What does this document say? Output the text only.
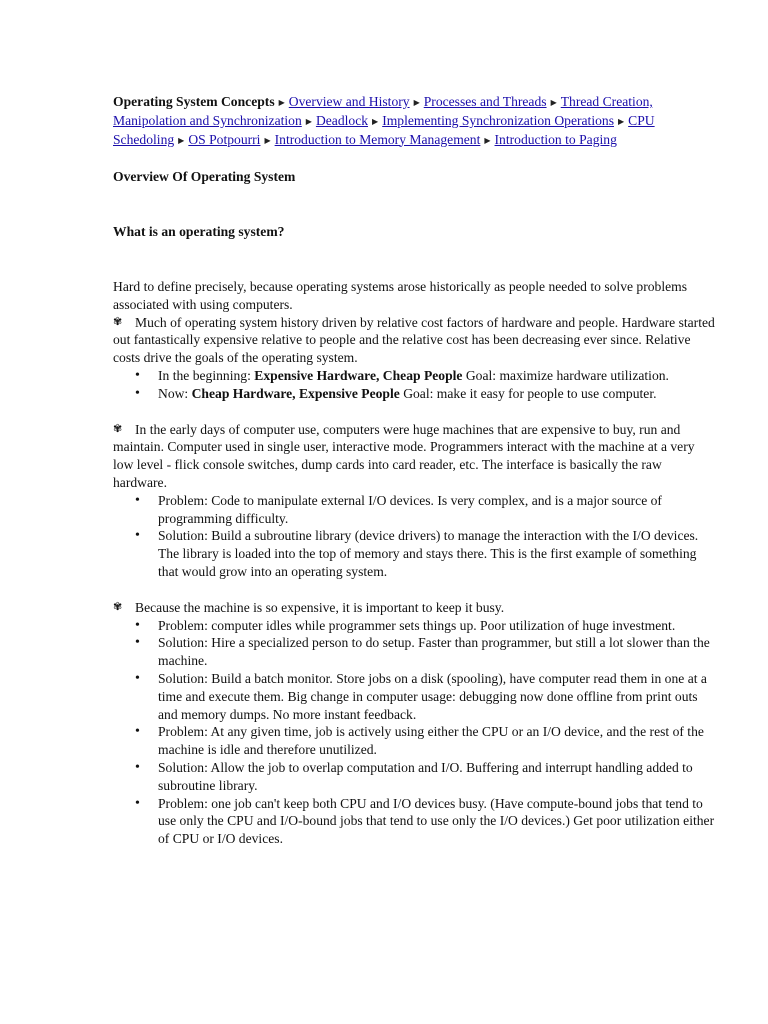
Operating System Concepts ▶ Overview and History ▶ Processes and Threads ▶ Thread Creation, Manipolation and Synchronization ▶ Deadlock ▶ Implementing Synchronization Operations ▶ CPU Schedoling ▶ OS Potpourri ▶ Introduction to Memory Management ▶ Introduction to Paging

Overview Of Operating System
What is an operating system?

Hard to define precisely, because operating systems arose historically as people needed to solve problems associated with using computers.

✾ Much of operating system history driven by relative cost factors of hardware and people. Hardware started out fantastically expensive relative to people and the relative cost has been decreasing ever since. Relative costs drive the goals of the operating system.

• In the beginning: Expensive Hardware, Cheap People Goal: maximize hardware utilization.
• Now: Cheap Hardware, Expensive People Goal: make it easy for people to use computer.

✾ In the early days of computer use, computers were huge machines that are expensive to buy, run and maintain. Computer used in single user, interactive mode. Programmers interact with the machine at a very low level - flick console switches, dump cards into card reader, etc. The interface is basically the raw hardware.

• Problem: Code to manipulate external I/O devices. Is very complex, and is a major source of programming difficulty.
• Solution: Build a subroutine library (device drivers) to manage the interaction with the I/O devices. The library is loaded into the top of memory and stays there. This is the first example of something that would grow into an operating system.

✾ Because the machine is so expensive, it is important to keep it busy.

• Problem: computer idles while programmer sets things up. Poor utilization of huge investment.
• Solution: Hire a specialized person to do setup. Faster than programmer, but still a lot slower than the machine.
• Solution: Build a batch monitor. Store jobs on a disk (spooling), have computer read them in one at a time and execute them. Big change in computer usage: debugging now done offline from print outs and memory dumps. No more instant feedback.
• Problem: At any given time, job is actively using either the CPU or an I/O device, and the rest of the machine is idle and therefore unutilized.
• Solution: Allow the job to overlap computation and I/O. Buffering and interrupt handling added to subroutine library.
• Problem: one job can't keep both CPU and I/O devices busy. (Have compute-bound jobs that tend to use only the CPU and I/O-bound jobs that tend to use only the I/O devices.) Get poor utilization either of CPU or I/O devices.
